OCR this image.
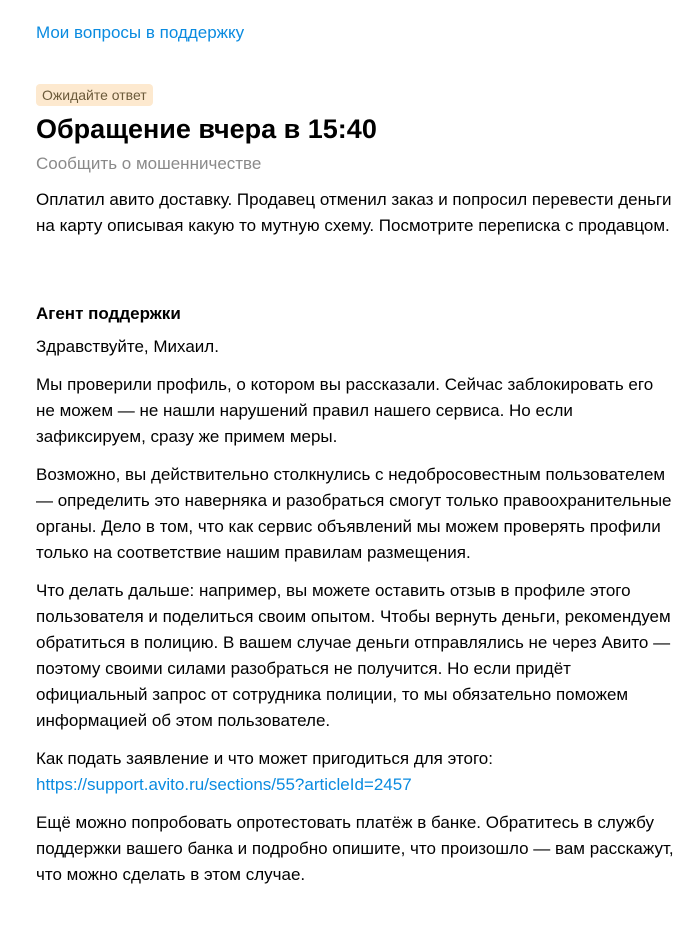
Мои вопросы в поддержку
Ожидайте ответ
Обращение вчера в 15:40
Сообщить о мошенничестве

Оплатил авито доставку. Продавец отменил заказ и попросил перевести деньги на карту описывая какую то мутную схему. Посмотрите переписка с продавцом.

Агент поддержки

Здравствуйте, Михаил.

Мы проверили профиль, о котором вы рассказали. Сейчас заблокировать его не можем — не нашли нарушений правил нашего сервиса. Но если зафиксируем, сразу же примем меры.

Возможно, вы действительно столкнулись с недобросовестным пользователем — определить это наверняка и разобраться смогут только правоохранительные органы. Дело в том, что как сервис объявлений мы можем проверять профили только на соответствие нашим правилам размещения.

Что делать дальше: например, вы можете оставить отзыв в профиле этого пользователя и поделиться своим опытом. Чтобы вернуть деньги, рекомендуем обратиться в полицию. В вашем случае деньги отправлялись не через Авито — поэтому своими силами разобраться не получится. Но если придёт официальный запрос от сотрудника полиции, то мы обязательно поможем информацией об этом пользователе.

Как подать заявление и что может пригодиться для этого:
https://support.avito.ru/sections/55?articleId=2457

Ещё можно попробовать опротестовать платёж в банке. Обратитесь в службу поддержки вашего банка и подробно опишите, что произошло — вам расскажут, что можно сделать в этом случае.
